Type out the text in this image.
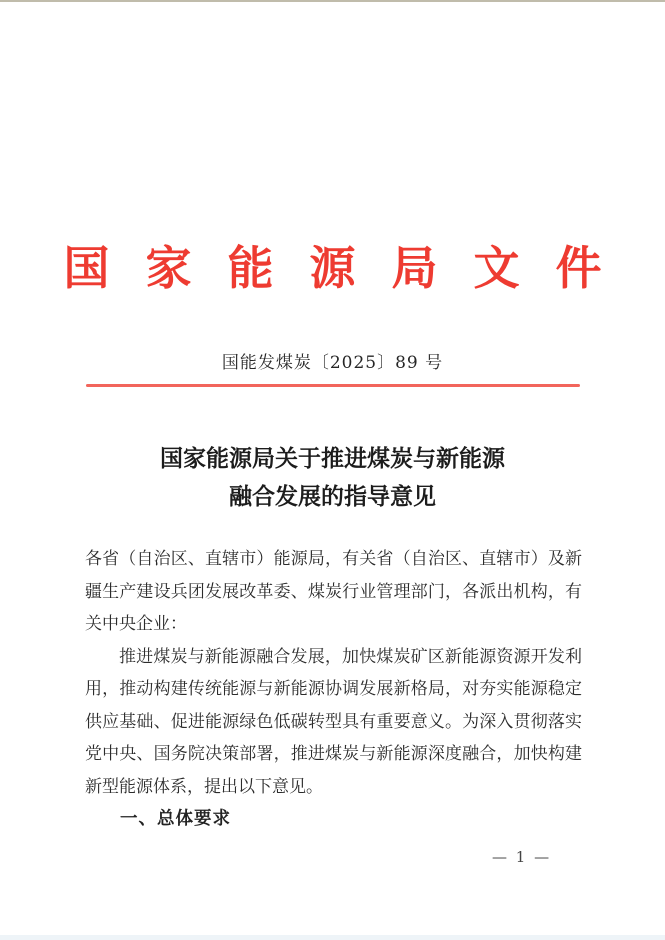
国 家 能 源 局 文 件
国能发煤炭〔2025〕89 号
国家能源局关于推进煤炭与新能源
融合发展的指导意见

各省（自治区、直辖市）能源局，有关省（自治区、直辖市）及新疆生产建设兵团发展改革委、煤炭行业管理部门，各派出机构，有关中央企业：

推进煤炭与新能源融合发展，加快煤炭矿区新能源资源开发利用，推动构建传统能源与新能源协调发展新格局，对夯实能源稳定供应基础、促进能源绿色低碳转型具有重要意义。为深入贯彻落实党中央、国务院决策部署，推进煤炭与新能源深度融合，加快构建新型能源体系，提出以下意见。

一、总体要求

— 1 —
